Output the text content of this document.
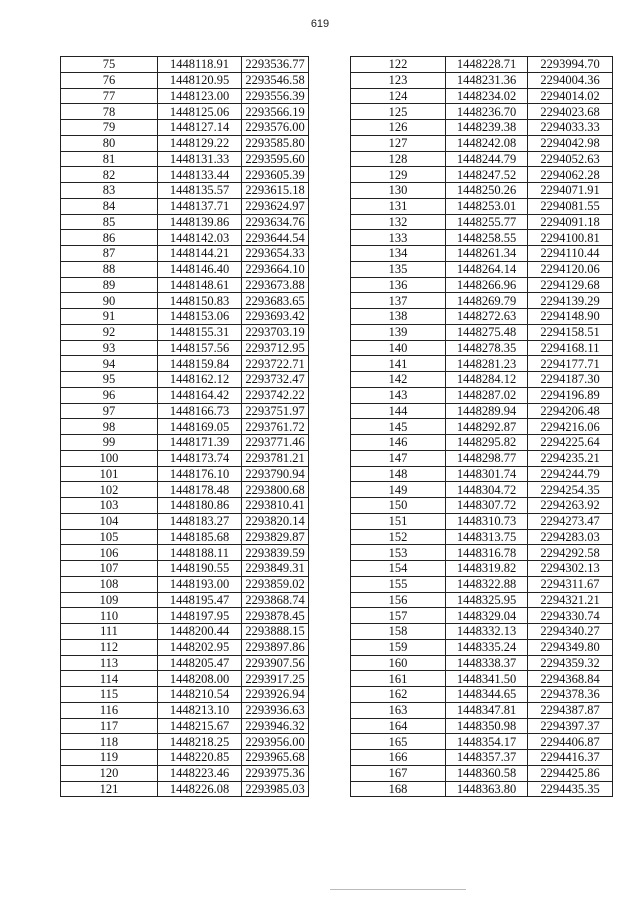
619
75	1448118.91	2293536.77
76	1448120.95	2293546.58
77	1448123.00	2293556.39
78	1448125.06	2293566.19
79	1448127.14	2293576.00
80	1448129.22	2293585.80
81	1448131.33	2293595.60
82	1448133.44	2293605.39
83	1448135.57	2293615.18
84	1448137.71	2293624.97
85	1448139.86	2293634.76
86	1448142.03	2293644.54
87	1448144.21	2293654.33
88	1448146.40	2293664.10
89	1448148.61	2293673.88
90	1448150.83	2293683.65
91	1448153.06	2293693.42
92	1448155.31	2293703.19
93	1448157.56	2293712.95
94	1448159.84	2293722.71
95	1448162.12	2293732.47
96	1448164.42	2293742.22
97	1448166.73	2293751.97
98	1448169.05	2293761.72
99	1448171.39	2293771.46
100	1448173.74	2293781.21
101	1448176.10	2293790.94
102	1448178.48	2293800.68
103	1448180.86	2293810.41
104	1448183.27	2293820.14
105	1448185.68	2293829.87
106	1448188.11	2293839.59
107	1448190.55	2293849.31
108	1448193.00	2293859.02
109	1448195.47	2293868.74
110	1448197.95	2293878.45
111	1448200.44	2293888.15
112	1448202.95	2293897.86
113	1448205.47	2293907.56
114	1448208.00	2293917.25
115	1448210.54	2293926.94
116	1448213.10	2293936.63
117	1448215.67	2293946.32
118	1448218.25	2293956.00
119	1448220.85	2293965.68
120	1448223.46	2293975.36
121	1448226.08	2293985.03
122	1448228.71	2293994.70
123	1448231.36	2294004.36
124	1448234.02	2294014.02
125	1448236.70	2294023.68
126	1448239.38	2294033.33
127	1448242.08	2294042.98
128	1448244.79	2294052.63
129	1448247.52	2294062.28
130	1448250.26	2294071.91
131	1448253.01	2294081.55
132	1448255.77	2294091.18
133	1448258.55	2294100.81
134	1448261.34	2294110.44
135	1448264.14	2294120.06
136	1448266.96	2294129.68
137	1448269.79	2294139.29
138	1448272.63	2294148.90
139	1448275.48	2294158.51
140	1448278.35	2294168.11
141	1448281.23	2294177.71
142	1448284.12	2294187.30
143	1448287.02	2294196.89
144	1448289.94	2294206.48
145	1448292.87	2294216.06
146	1448295.82	2294225.64
147	1448298.77	2294235.21
148	1448301.74	2294244.79
149	1448304.72	2294254.35
150	1448307.72	2294263.92
151	1448310.73	2294273.47
152	1448313.75	2294283.03
153	1448316.78	2294292.58
154	1448319.82	2294302.13
155	1448322.88	2294311.67
156	1448325.95	2294321.21
157	1448329.04	2294330.74
158	1448332.13	2294340.27
159	1448335.24	2294349.80
160	1448338.37	2294359.32
161	1448341.50	2294368.84
162	1448344.65	2294378.36
163	1448347.81	2294387.87
164	1448350.98	2294397.37
165	1448354.17	2294406.87
166	1448357.37	2294416.37
167	1448360.58	2294425.86
168	1448363.80	2294435.35
